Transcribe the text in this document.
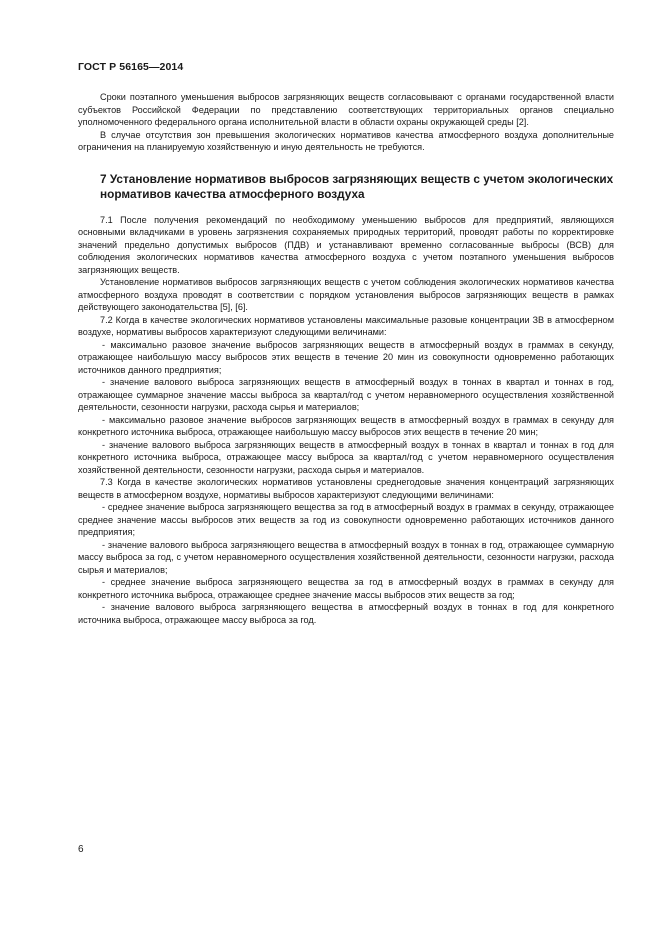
ГОСТ Р 56165—2014

Сроки поэтапного уменьшения выбросов загрязняющих веществ согласовывают с органами государственной власти субъектов Российской Федерации по представлению соответствующих территориальных органов специально уполномоченного федерального органа исполнительной власти в области охраны окружающей среды [2].

В случае отсутствия зон превышения экологических нормативов качества атмосферного воздуха дополнительные ограничения на планируемую хозяйственную и иную деятельность не требуются.

7 Установление нормативов выбросов загрязняющих веществ с учетом экологических нормативов качества атмосферного воздуха

7.1 После получения рекомендаций по необходимому уменьшению выбросов для предприятий, являющихся основными вкладчиками в уровень загрязнения сохраняемых природных территорий, проводят работы по корректировке значений предельно допустимых выбросов (ПДВ) и устанавливают временно согласованные выбросы (ВСВ) для соблюдения экологических нормативов качества атмосферного воздуха с учетом поэтапного уменьшения выбросов загрязняющих веществ.

Установление нормативов выбросов загрязняющих веществ с учетом соблюдения экологических нормативов качества атмосферного воздуха проводят в соответствии с порядком установления выбросов загрязняющих веществ в рамках действующего законодательства [5], [6].

7.2 Когда в качестве экологических нормативов установлены максимальные разовые концентрации ЗВ в атмосферном воздухе, нормативы выбросов характеризуют следующими величинами:

- максимально разовое значение выбросов загрязняющих веществ в атмосферный воздух в граммах в секунду, отражающее наибольшую массу выбросов этих веществ в течение 20 мин из совокупности одновременно работающих источников данного предприятия;

- значение валового выброса загрязняющих веществ в атмосферный воздух в тоннах в квартал и тоннах в год, отражающее суммарное значение массы выброса за квартал/год с учетом неравномерного осуществления хозяйственной деятельности, сезонности нагрузки, расхода сырья и материалов;

- максимально разовое значение выбросов загрязняющих веществ в атмосферный воздух в граммах в секунду для конкретного источника выброса, отражающее наибольшую массу выбросов этих веществ в течение 20 мин;

- значение валового выброса загрязняющих веществ в атмосферный воздух в тоннах в квартал и тоннах в год для конкретного источника выброса, отражающее массу выброса за квартал/год с учетом неравномерного осуществления хозяйственной деятельности, сезонности нагрузки, расхода сырья и материалов.

7.3 Когда в качестве экологических нормативов установлены среднегодовые значения концентраций загрязняющих веществ в атмосферном воздухе, нормативы выбросов характеризуют следующими величинами:

- среднее значение выброса загрязняющего вещества за год в атмосферный воздух в граммах в секунду, отражающее среднее значение массы выбросов этих веществ за год из совокупности одновременно работающих источников данного предприятия;

- значение валового выброса загрязняющего вещества в атмосферный воздух в тоннах в год, отражающее суммарную массу выброса за год, с учетом неравномерного осуществления хозяйственной деятельности, сезонности нагрузки, расхода сырья и материалов;

- среднее значение выброса загрязняющего вещества за год в атмосферный воздух в граммах в секунду для конкретного источника выброса, отражающее среднее значение массы выбросов этих веществ за год;

- значение валового выброса загрязняющего вещества в атмосферный воздух в тоннах в год для конкретного источника выброса, отражающее массу выброса за год.

6
